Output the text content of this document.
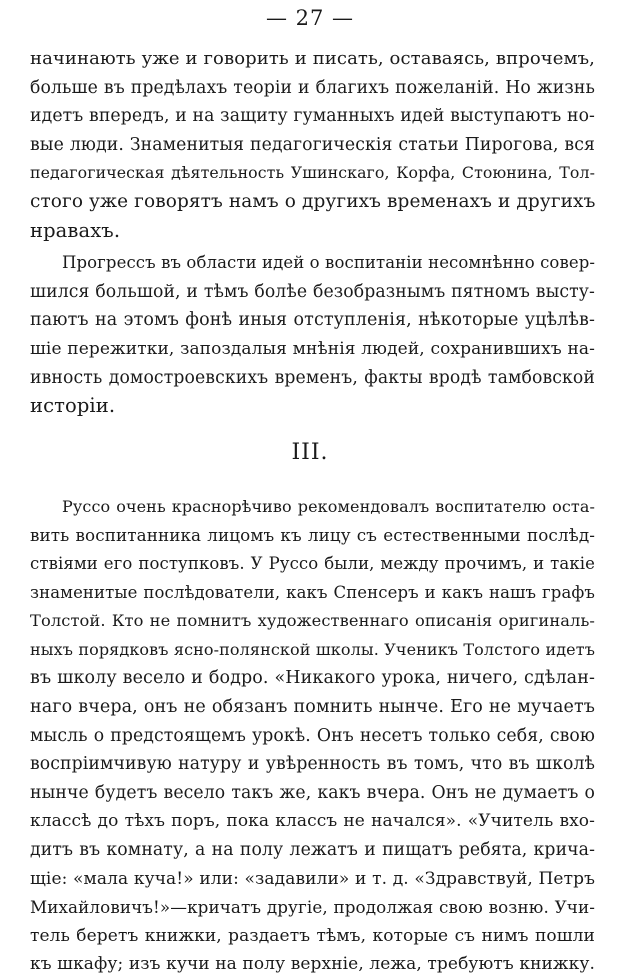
— 27 —
начинають уже и говорить и писать, оставаясь, впрочемъ,
больше въ предѣлахъ теоріи и благихъ пожеланій. Но жизнь
идетъ впередъ, и на защиту гуманныхъ идей выступаютъ но-
вые люди. Знаменитыя педагогическія статьи Пирогова, вся
педагогическая дѣятельность Ушинскаго, Корфа, Стоюнина, Тол-
стого уже говорятъ намъ о другихъ временахъ и другихъ
нравахъ.
Прогрессъ въ области идей о воспитаніи несомнѣнно совер-
шился большой, и тѣмъ болѣе безобразнымъ пятномъ высту-
паютъ на этомъ фонѣ иныя отступленія, нѣкоторые уцѣлѣв-
шіе пережитки, запоздалыя мнѣнія людей, сохранившихъ на-
ивность домостроевскихъ временъ, факты вродѣ тамбовской
исторіи.
III.
Руссо очень краснорѣчиво рекомендовалъ воспитателю оста-
вить воспитанника лицомъ къ лицу съ естественными послѣд-
ствіями его поступковъ. У Руссо были, между прочимъ, и такіе
знаменитые послѣдователи, какъ Спенсеръ и какъ нашъ графъ
Толстой. Кто не помнитъ художественнаго описанія оригиналь-
ныхъ порядковъ ясно-полянской школы. Ученикъ Толстого идетъ
въ школу весело и бодро. «Никакого урока, ничего, сдѣлан-
наго вчера, онъ не обязанъ помнить нынче. Его не мучаетъ
мысль о предстоящемъ урокѣ. Онъ несетъ только себя, свою
воспріимчивую натуру и увѣренность въ томъ, что въ школѣ
нынче будетъ весело такъ же, какъ вчера. Онъ не думаетъ о
классѣ до тѣхъ поръ, пока классъ не начался». «Учитель вхо-
дитъ въ комнату, а на полу лежатъ и пищатъ ребята, крича-
щіе: «мала куча!» или: «задавили» и т. д. «Здравствуй, Петръ
Михайловичъ!»—кричатъ другіе, продолжая свою возню. Учи-
тель беретъ книжки, раздаетъ тѣмъ, которые съ нимъ пошли
къ шкафу; изъ кучи на полу верхніе, лежа, требуютъ книжку.
